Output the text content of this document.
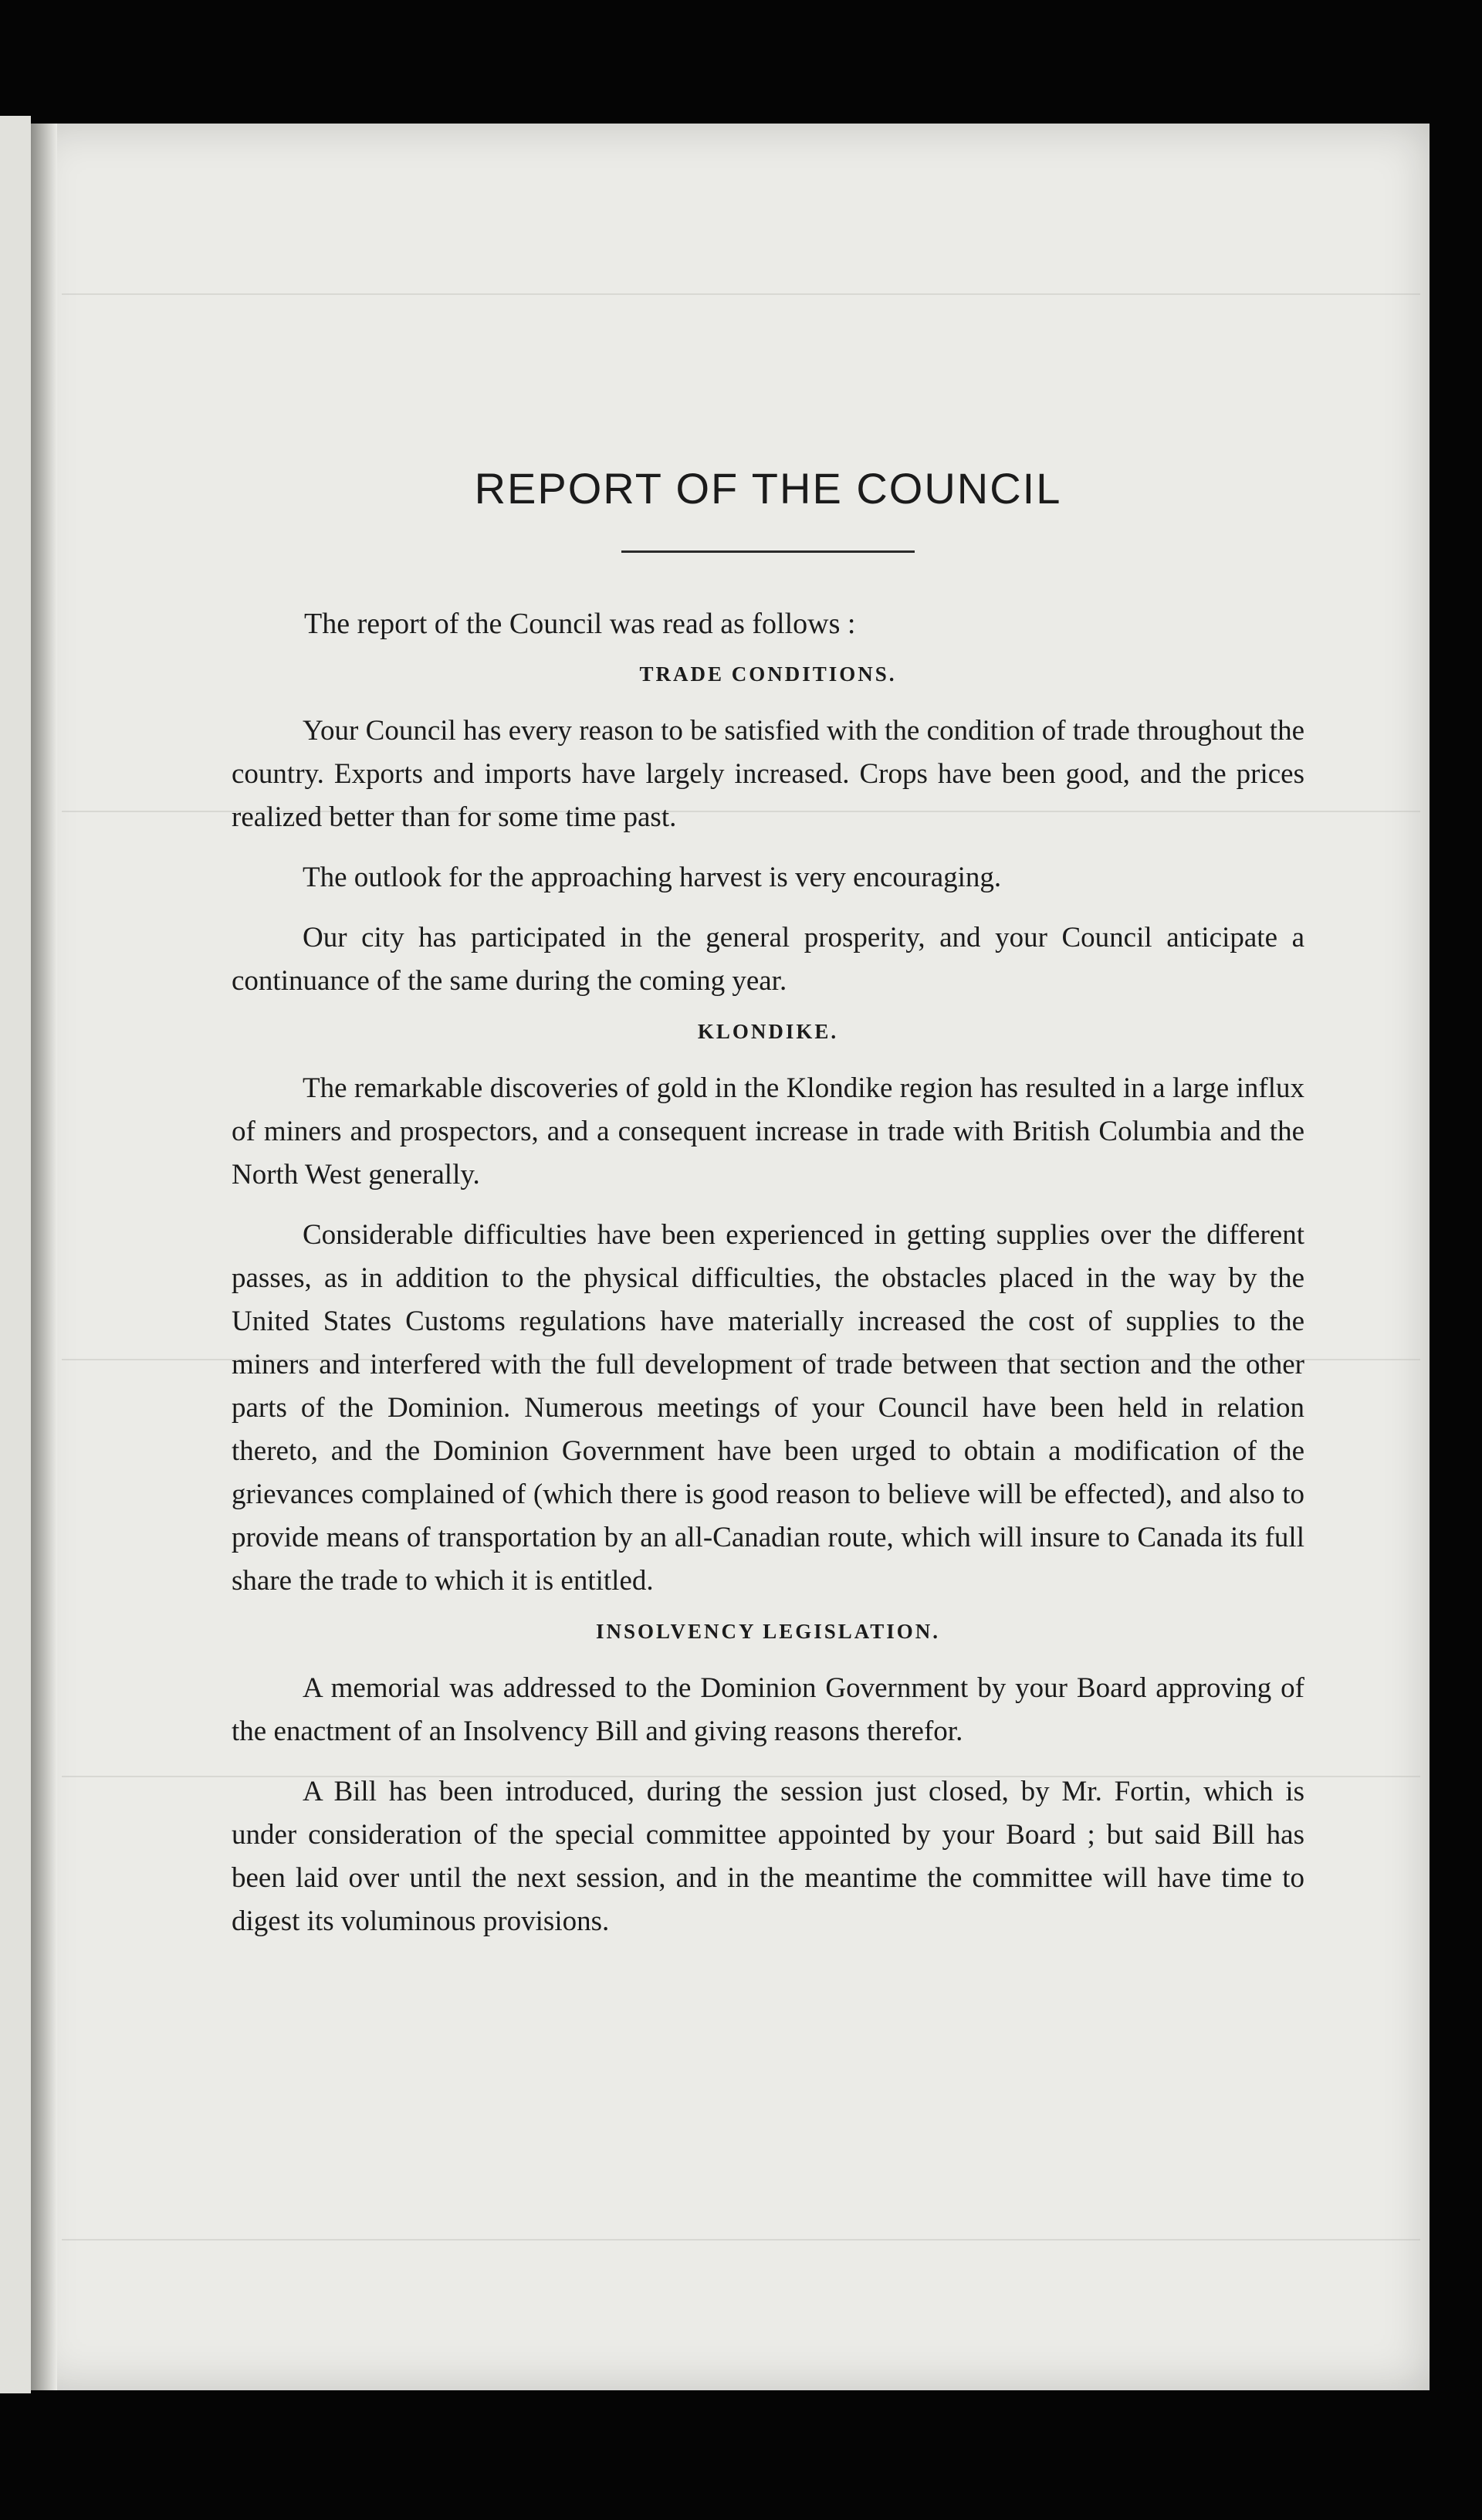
REPORT OF THE COUNCIL

The report of the Council was read as follows :

TRADE CONDITIONS.

Your Council has every reason to be satisfied with the condition of trade throughout the country. Exports and imports have largely increased. Crops have been good, and the prices realized better than for some time past.

The outlook for the approaching harvest is very encouraging.

Our city has participated in the general prosperity, and your Council anticipate a continuance of the same during the coming year.

KLONDIKE.

The remarkable discoveries of gold in the Klondike region has resulted in a large influx of miners and prospectors, and a consequent increase in trade with British Columbia and the North West generally.

Considerable difficulties have been experienced in getting supplies over the different passes, as in addition to the physical difficulties, the obstacles placed in the way by the United States Customs regulations have materially increased the cost of supplies to the miners and interfered with the full development of trade between that section and the other parts of the Dominion. Numerous meetings of your Council have been held in relation thereto, and the Dominion Government have been urged to obtain a modification of the grievances complained of (which there is good reason to believe will be effected), and also to provide means of transportation by an all-Canadian route, which will insure to Canada its full share the trade to which it is entitled.

INSOLVENCY LEGISLATION.

A memorial was addressed to the Dominion Government by your Board approving of the enactment of an Insolvency Bill and giving reasons therefor.

A Bill has been introduced, during the session just closed, by Mr. Fortin, which is under consideration of the special committee appointed by your Board ; but said Bill has been laid over until the next session, and in the meantime the committee will have time to digest its voluminous provisions.
